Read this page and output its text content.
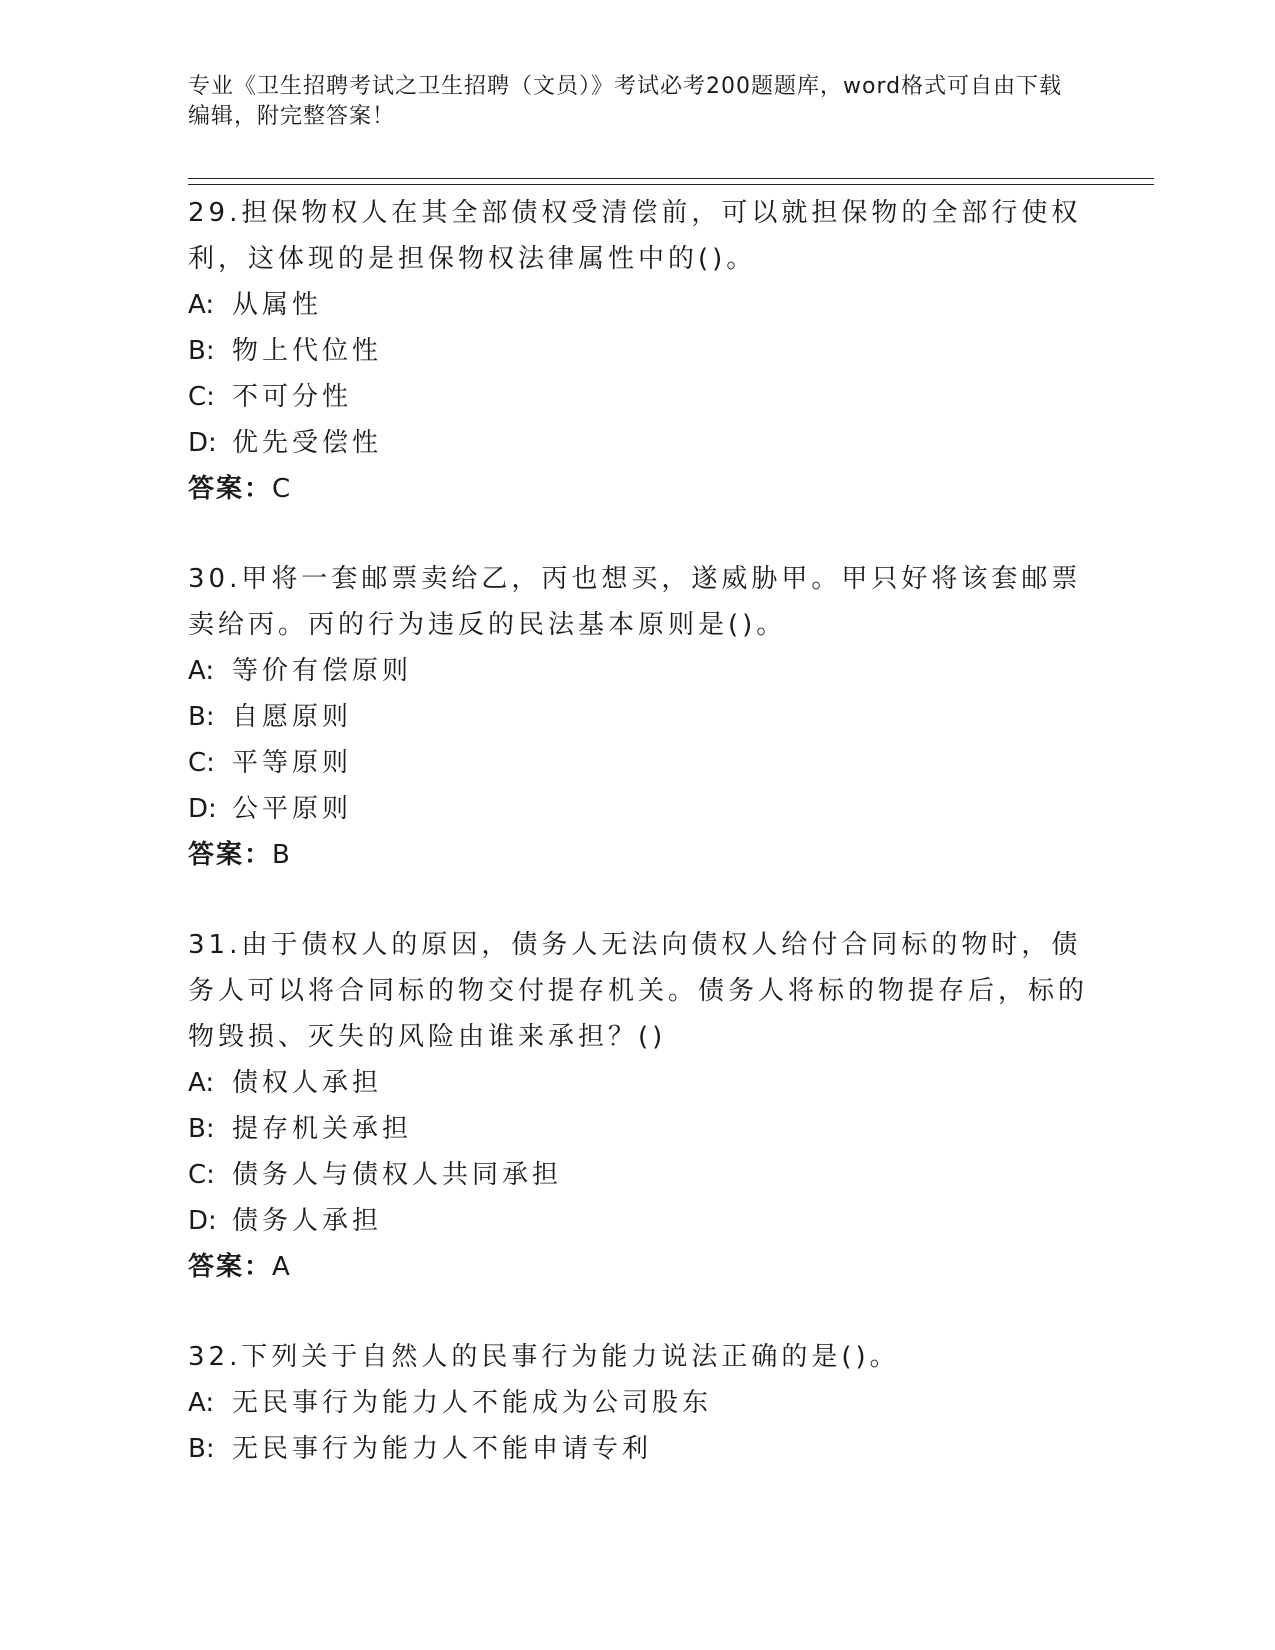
专业《卫生招聘考试之卫生招聘（文员）》考试必考200题题库，word格式可自由下载编辑，附完整答案！

29.担保物权人在其全部债权受清偿前，可以就担保物的全部行使权利，这体现的是担保物权法律属性中的()。

A: 从属性

B: 物上代位性

C: 不可分性

D: 优先受偿性

答案：C

30.甲将一套邮票卖给乙，丙也想买，遂威胁甲。甲只好将该套邮票卖给丙。丙的行为违反的民法基本原则是()。

A: 等价有偿原则

B: 自愿原则

C: 平等原则

D: 公平原则

答案：B

31.由于债权人的原因，债务人无法向债权人给付合同标的物时，债务人可以将合同标的物交付提存机关。债务人将标的物提存后，标的物毁损、灭失的风险由谁来承担？()

A: 债权人承担

B: 提存机关承担

C: 债务人与债权人共同承担

D: 债务人承担

答案：A

32.下列关于自然人的民事行为能力说法正确的是()。

A: 无民事行为能力人不能成为公司股东

B: 无民事行为能力人不能申请专利
